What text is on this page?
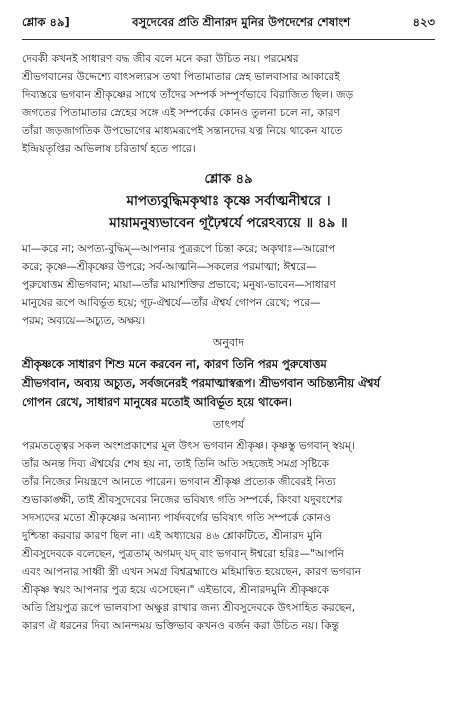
শ্লোক ৪৯]	বসুদেবের প্রতি শ্রীনারদ মুনির উপদেশের শেষাংশ	৪২৩

দেবকী কখনই সাধারণ বদ্ধ জীব বলে মনে করা উচিত নয়। পরমেশ্বর

শ্রীভগবানের উদ্দেশ্যে বাৎসল্যরস তথা পিতামাতার স্নেহ ভালবাসার আকারেই

দিব্যস্তরে ভগবান শ্রীকৃষ্ণের সাথে তাঁদের সম্পর্ক সম্পূর্ণভাবে বিরাজিত ছিল। জড়

জগতের পিতামাতার স্নেহের সঙ্গে এই সম্পর্কের কোনও তুলনা চলে না, কারণ

তাঁরা জড়জাগতিক উপভোগের মাধ্যমরূপেই সন্তানদের যত্ন নিয়ে থাকেন যাতে

ইন্দ্রিয়তৃপ্তির অভিলাষ চরিতার্থ হতে পারে।

শ্লোক ৪৯
মাপত্যবুদ্ধিমকৃথাঃ কৃষ্ণে সর্বাত্মনীশ্বরে ।
মায়ামনুষ্যভাবেন গূঢ়ৈশ্বর্যে পরেঽব্যয়ে ॥ ৪৯ ॥

মা—করে না; অপত্য-বুদ্ধিম্—আপনার পুত্ররূপে চিন্তা করে; অকৃথাঃ—আরোপ

করে; কৃষ্ণে—শ্রীকৃষ্ণের উপরে; সর্ব-আত্মনি—সকলের পরমাত্মা; ঈশ্বরে—

পুরুষোত্তম শ্রীভগবান; মায়া—তাঁর মায়াশক্তির প্রভাবে; মনুষ্য-ভাবেন—সাধারণ

মানুষের রূপে আবির্ভূত হয়ে; গূঢ়-ঐশ্বর্যে—তাঁর ঐশ্বর্য গোপন রেখে; পরে—

পরম; অব্যয়ে—অচ্যুত, অক্ষয়।

অনুবাদ

শ্রীকৃষ্ণকে সাধারণ শিশু মনে করবেন না, কারণ তিনি পরম পুরুষোত্তম

শ্রীভগবান, অব্যয় অচ্যুত, সর্বজনেরই পরমাত্মাস্বরূপ। শ্রীভগবান অচিন্ত্যনীয় ঐশ্বর্য

গোপন রেখে, সাধারণ মানুষের মতোই আবির্ভূত হয়ে থাকেন।

তাৎপর্য

পরমতত্ত্বের সকল অংশপ্রকাশের মূল উৎস ভগবান শ্রীকৃষ্ণ। কৃষ্ণস্তু ভগবান্ স্বয়ম্।

তাঁর অনন্ত দিব্য ঐশ্বর্যের শেষ হয় না, তাই তিনি অতি সহজেই সমগ্র সৃষ্টিকে

তাঁর নিজের নিয়ন্ত্রণে আনতে পারেন। ভগবান শ্রীকৃষ্ণ প্রত্যেক জীবেরই নিত্য

শুভাকাঙ্ক্ষী, তাই শ্রীবসুদেবের নিজের ভবিষ্যৎ গতি সম্পর্কে, কিংবা যদুবংশের

সদস্যদের মতো শ্রীকৃষ্ণের অন্যান্য পার্ষদবর্গের ভবিষ্যৎ গতি সম্পর্কে কোনও

দুশ্চিন্তা করবার কারণ ছিল না। এই অধ্যায়ের ৪৬ শ্লোকটিতে, শ্রীনারদ মুনি

শ্রীবসুদেবকে বলেছেন, পুত্রতাম্ অগমদ্ যদ্ বাং ভগবান্ ঈশ্বরো হরিঃ—"আপনি

এবং আপনার সাধ্বী স্ত্রী এখন সমগ্র বিশ্বব্রহ্মাণ্ডে মহিমান্বিত হয়েছেন, কারণ ভগবান

শ্রীকৃষ্ণ স্বয়ং আপনার পুত্র হয়ে এসেছেন।" এইভাবে, শ্রীনারদমুনি শ্রীকৃষ্ণকে

অতি প্রিয়পুত্র রূপে ভালবাসা অক্ষুণ্ণ রাখার জন্য শ্রীবসুদেবকে উৎসাহিত করছেন,

কারণ ঐ ধরনের দিব্য আনন্দময় ভক্তিভাব কখনও বর্জন করা উচিত নয়। কিন্তু
